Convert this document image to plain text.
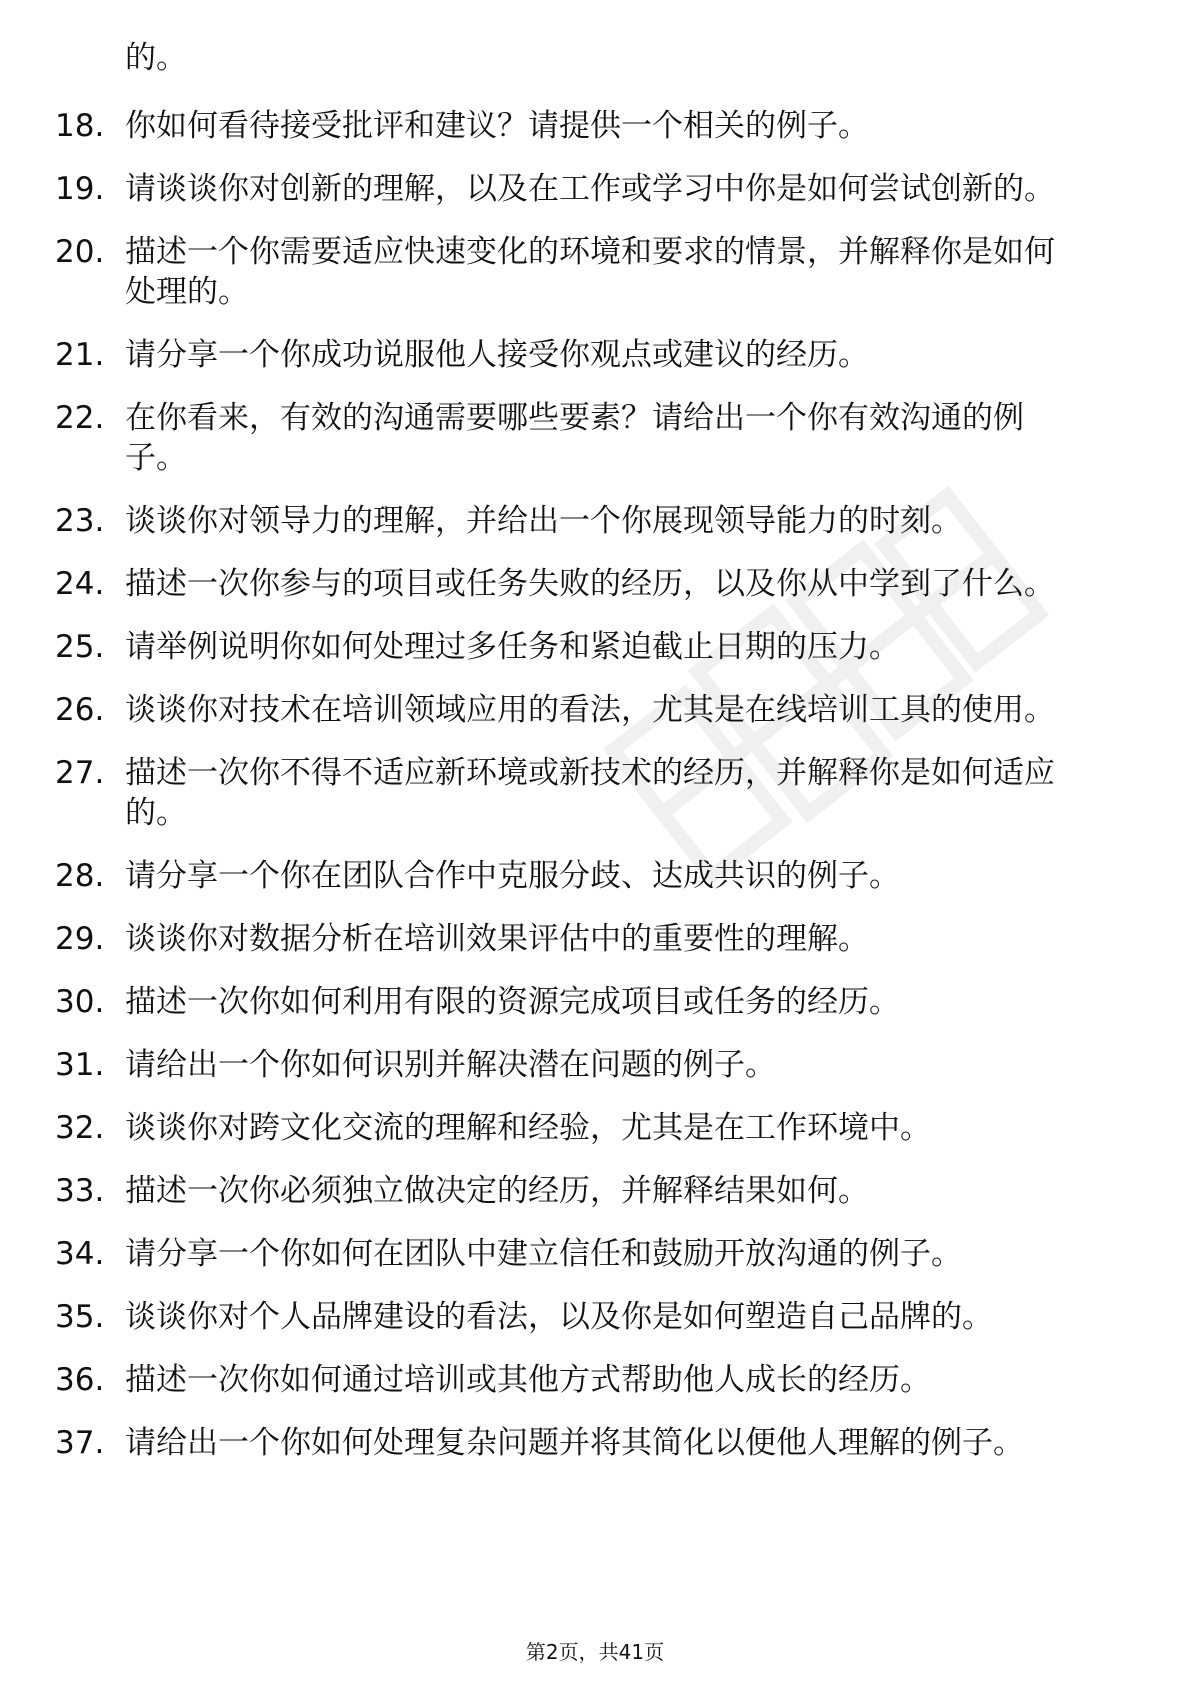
的。
18. 你如何看待接受批评和建议？请提供一个相关的例子。
19. 请谈谈你对创新的理解，以及在工作或学习中你是如何尝试创新的。
20. 描述一个你需要适应快速变化的环境和要求的情景，并解释你是如何处理的。
21. 请分享一个你成功说服他人接受你观点或建议的经历。
22. 在你看来，有效的沟通需要哪些要素？请给出一个你有效沟通的例子。
23. 谈谈你对领导力的理解，并给出一个你展现领导能力的时刻。
24. 描述一次你参与的项目或任务失败的经历，以及你从中学到了什么。
25. 请举例说明你如何处理过多任务和紧迫截止日期的压力。
26. 谈谈你对技术在培训领域应用的看法，尤其是在线培训工具的使用。
27. 描述一次你不得不适应新环境或新技术的经历，并解释你是如何适应的。
28. 请分享一个你在团队合作中克服分歧、达成共识的例子。
29. 谈谈你对数据分析在培训效果评估中的重要性的理解。
30. 描述一次你如何利用有限的资源完成项目或任务的经历。
31. 请给出一个你如何识别并解决潜在问题的例子。
32. 谈谈你对跨文化交流的理解和经验，尤其是在工作环境中。
33. 描述一次你必须独立做决定的经历，并解释结果如何。
34. 请分享一个你如何在团队中建立信任和鼓励开放沟通的例子。
35. 谈谈你对个人品牌建设的看法，以及你是如何塑造自己品牌的。
36. 描述一次你如何通过培训或其他方式帮助他人成长的经历。
37. 请给出一个你如何处理复杂问题并将其简化以便他人理解的例子。
第2页，共41页
